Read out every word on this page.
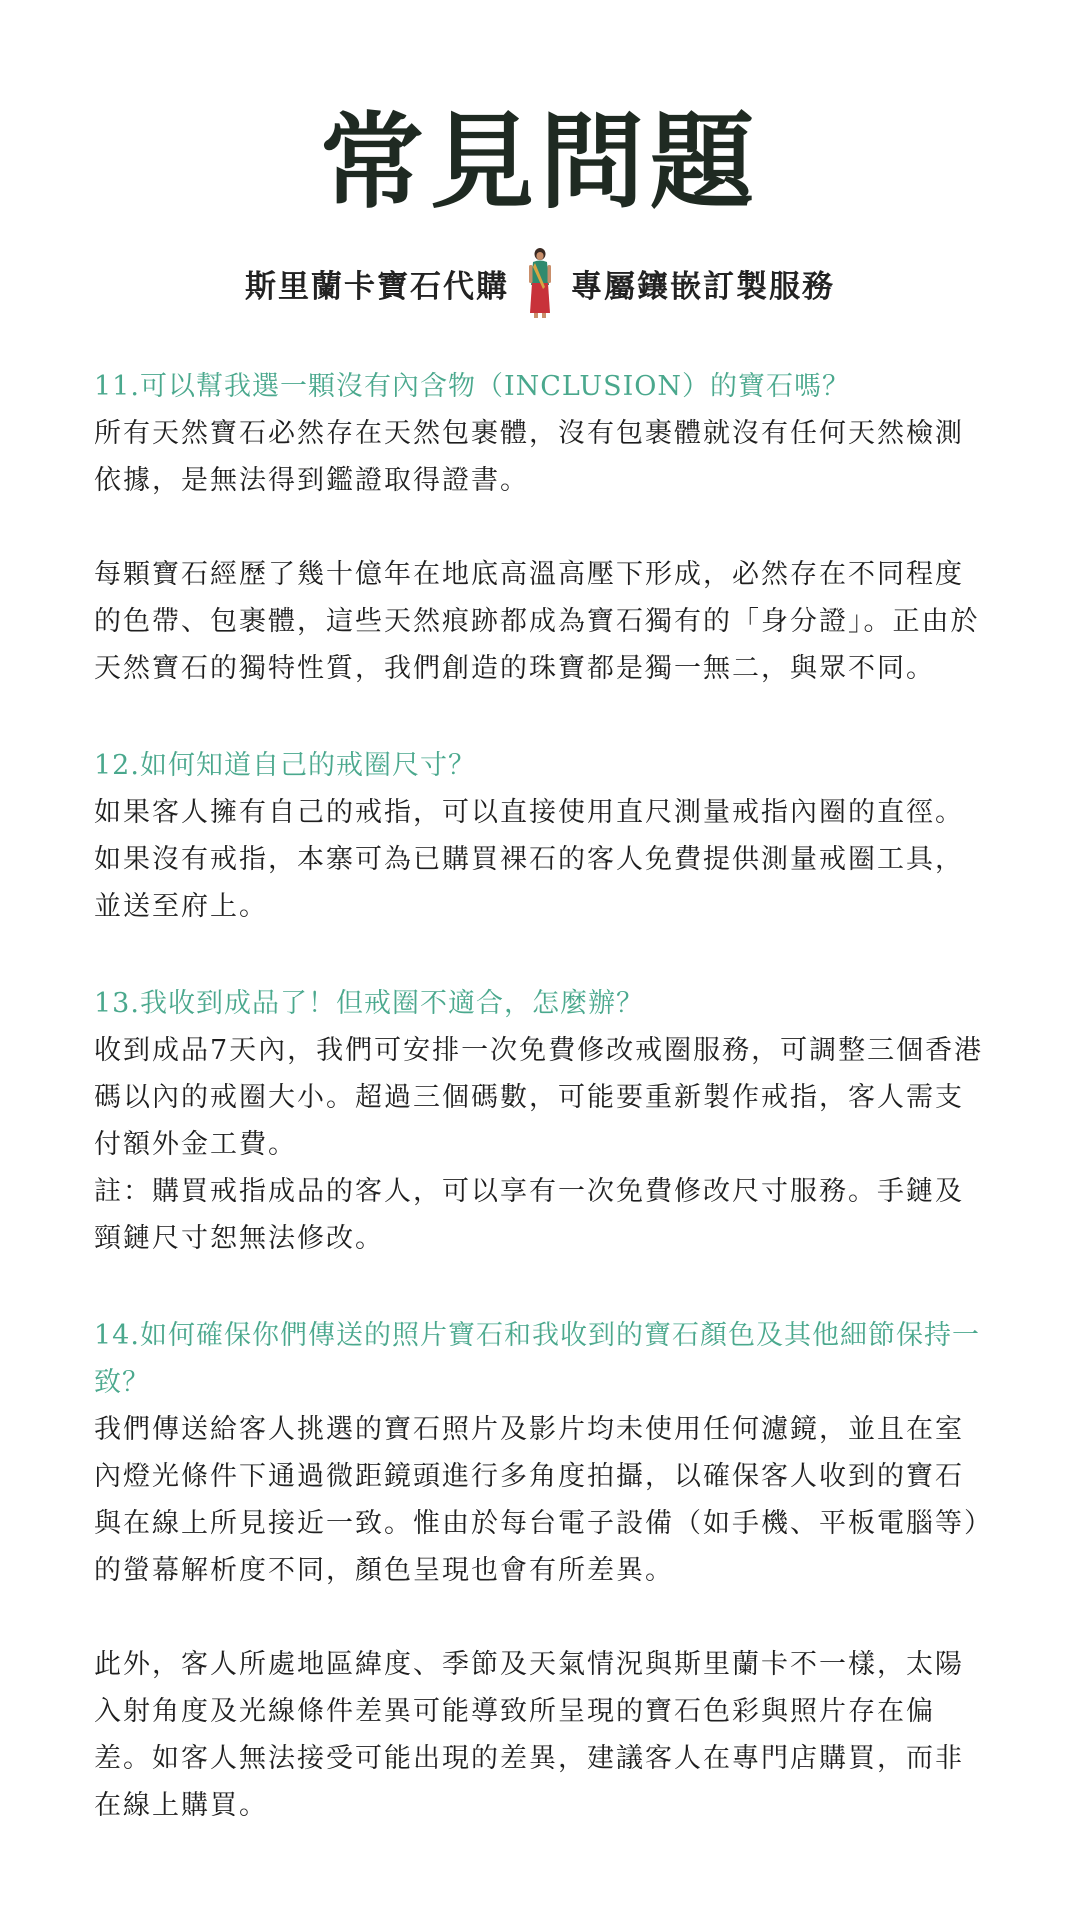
常見問題
斯里蘭卡寶石代購 專屬鑲嵌訂製服務

11.可以幫我選一顆沒有內含物（INCLUSION）的寶石嗎？

所有天然寶石必然存在天然包裹體，沒有包裹體就沒有任何天然檢測依據，是無法得到鑑證取得證書。

每顆寶石經歷了幾十億年在地底高溫高壓下形成，必然存在不同程度的色帶、包裹體，這些天然痕跡都成為寶石獨有的「身分證」。正由於天然寶石的獨特性質，我們創造的珠寶都是獨一無二，與眾不同。

12.如何知道自己的戒圈尺寸？

如果客人擁有自己的戒指，可以直接使用直尺測量戒指內圈的直徑。如果沒有戒指，本寨可為已購買裸石的客人免費提供測量戒圈工具，並送至府上。

13.我收到成品了！但戒圈不適合，怎麼辦？

收到成品7天內，我們可安排一次免費修改戒圈服務，可調整三個香港碼以內的戒圈大小。超過三個碼數，可能要重新製作戒指，客人需支付額外金工費。

註：購買戒指成品的客人，可以享有一次免費修改尺寸服務。手鏈及頸鏈尺寸恕無法修改。

14.如何確保你們傳送的照片寶石和我收到的寶石顏色及其他細節保持一致？

我們傳送給客人挑選的寶石照片及影片均未使用任何濾鏡，並且在室內燈光條件下通過微距鏡頭進行多角度拍攝，以確保客人收到的寶石與在線上所見接近一致。惟由於每台電子設備（如手機、平板電腦等）的螢幕解析度不同，顏色呈現也會有所差異。

此外，客人所處地區緯度、季節及天氣情況與斯里蘭卡不一樣，太陽入射角度及光線條件差異可能導致所呈現的寶石色彩與照片存在偏差。如客人無法接受可能出現的差異，建議客人在專門店購買，而非在線上購買。
